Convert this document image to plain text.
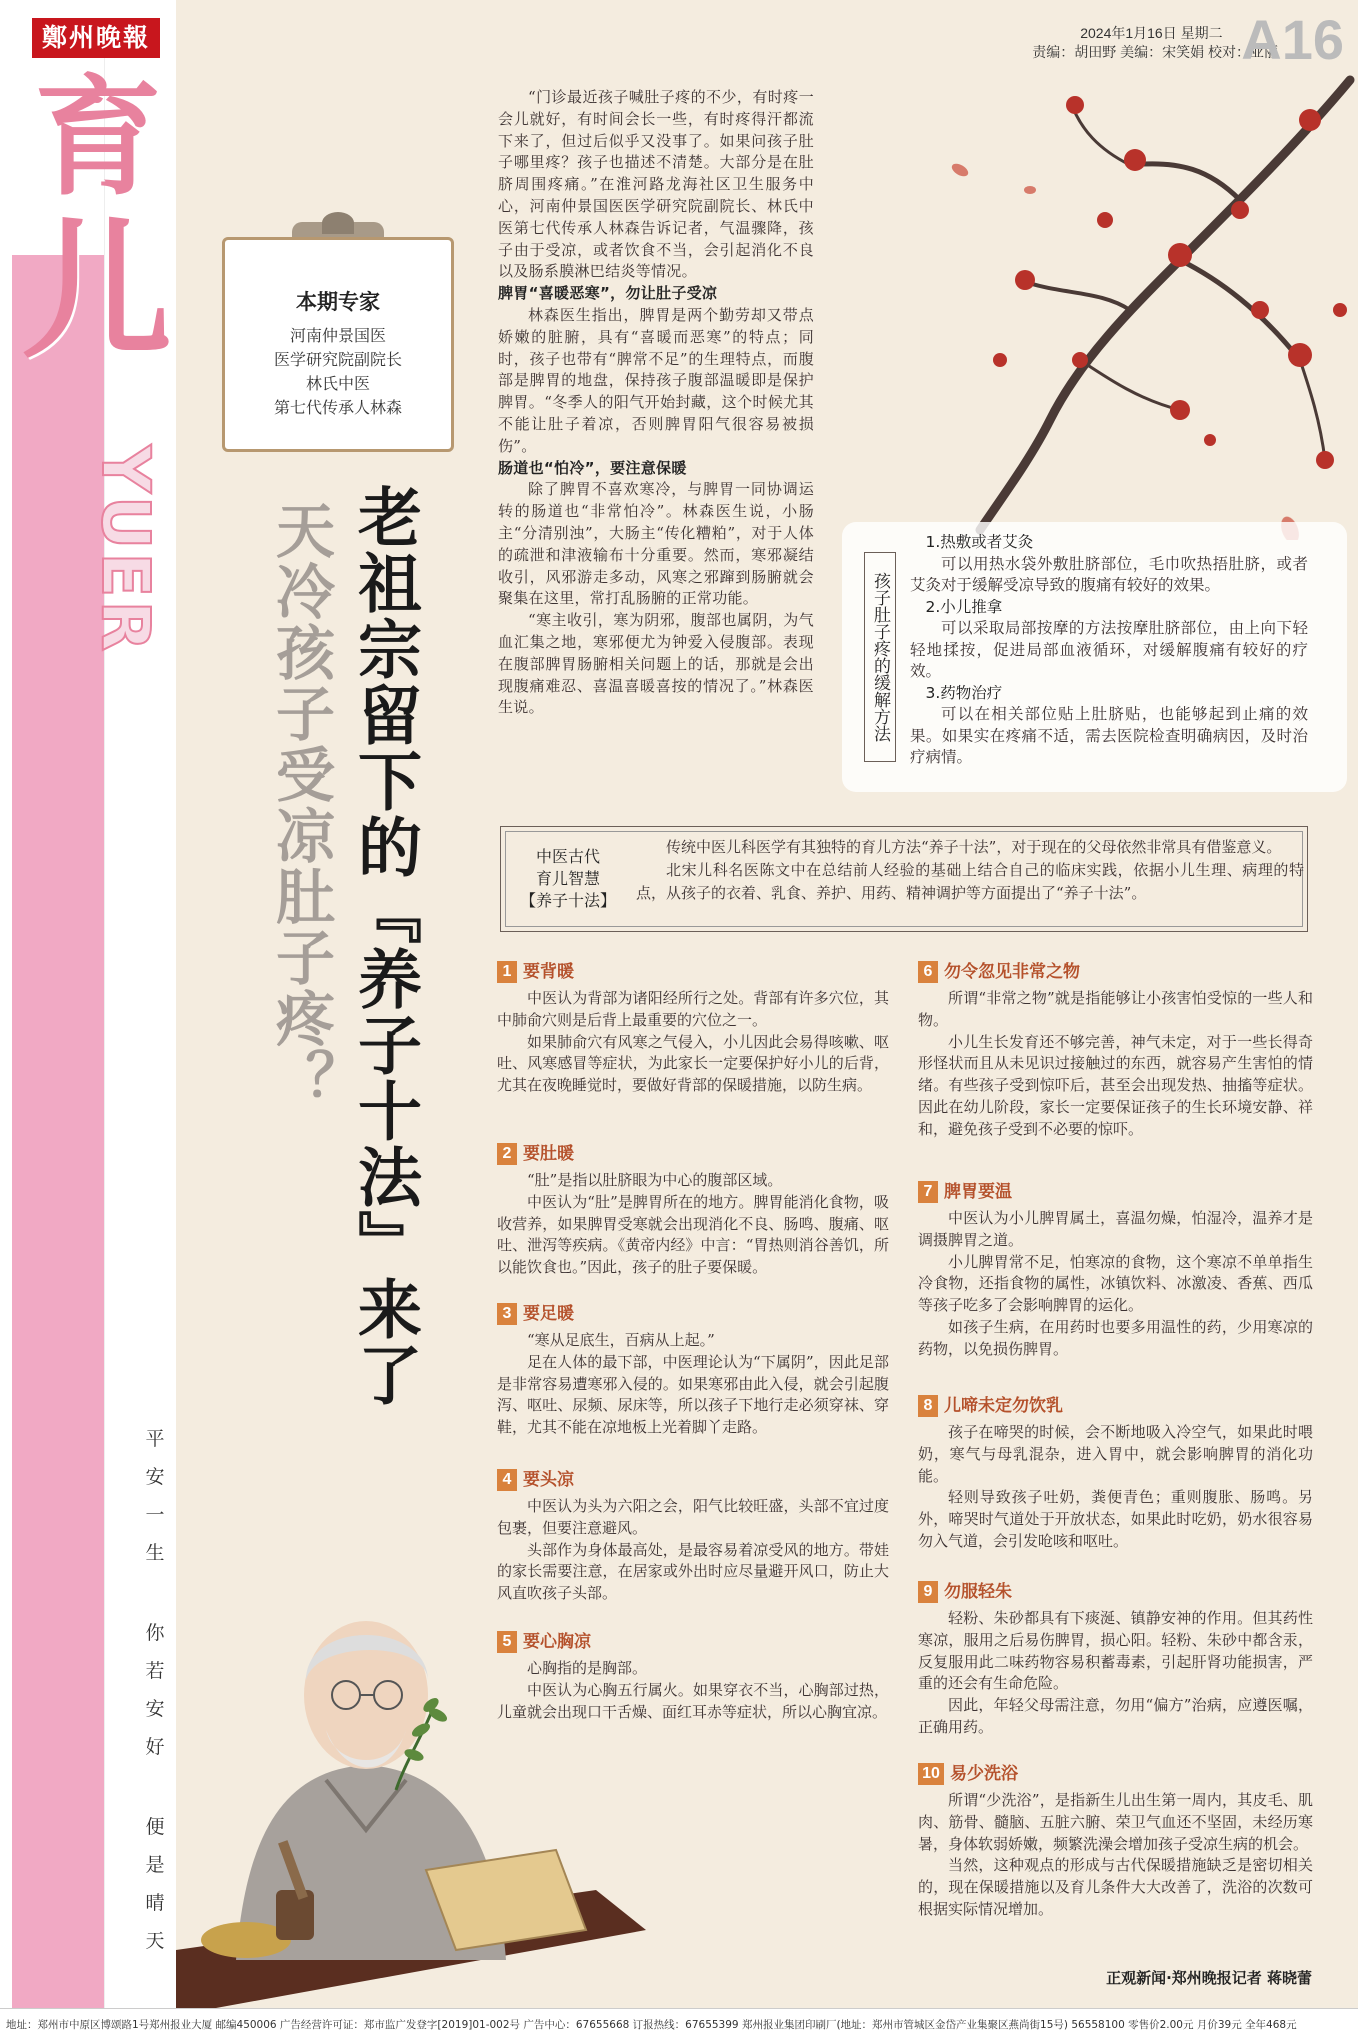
鄭州晚報
育
儿
YUER
平
安
一
生
你
若
安
好
便
是
晴
天
2024年1月16日 星期二
责编：胡田野 美编：宋笑娟 校对：亚丽
A16
本期专家
河南仲景国医
医学研究院副院长
林氏中医
第七代传承人林森
老祖宗留下的『养子十法』来了
天冷孩子受凉肚子疼？

“门诊最近孩子喊肚子疼的不少，有时疼一会儿就好，有时间会长一些，有时疼得汗都流下来了，但过后似乎又没事了。如果问孩子肚子哪里疼？孩子也描述不清楚。大部分是在肚脐周围疼痛。”在淮河路龙海社区卫生服务中心，河南仲景国医医学研究院副院长、林氏中医第七代传承人林森告诉记者，气温骤降，孩子由于受凉，或者饮食不当，会引起消化不良以及肠系膜淋巴结炎等情况。

脾胃“喜暖恶寒”，勿让肚子受凉

林森医生指出，脾胃是两个勤劳却又带点娇嫩的脏腑，具有“喜暖而恶寒”的特点；同时，孩子也带有“脾常不足”的生理特点，而腹部是脾胃的地盘，保持孩子腹部温暖即是保护脾胃。“冬季人的阳气开始封藏，这个时候尤其不能让肚子着凉，否则脾胃阳气很容易被损伤”。

肠道也“怕冷”，要注意保暖

除了脾胃不喜欢寒冷，与脾胃一同协调运转的肠道也“非常怕冷”。林森医生说，小肠主“分清别浊”，大肠主“传化糟粕”，对于人体的疏泄和津液输布十分重要。然而，寒邪凝结收引，风邪游走多动，风寒之邪蹿到肠腑就会聚集在这里，常打乱肠腑的正常功能。

“寒主收引，寒为阴邪，腹部也属阴，为气血汇集之地，寒邪便尤为钟爱入侵腹部。表现在腹部脾胃肠腑相关问题上的话，那就是会出现腹痛难忍、喜温喜暖喜按的情况了。”林森医生说。	孩子肚子疼的缓解方法

1.热敷或者艾灸

可以用热水袋外敷肚脐部位，毛巾吹热捂肚脐，或者艾灸对于缓解受凉导致的腹痛有较好的效果。

2.小儿推拿

可以采取局部按摩的方法按摩肚脐部位，由上向下轻轻地揉按，促进局部血液循环，对缓解腹痛有较好的疗效。

3.药物治疗

可以在相关部位贴上肚脐贴，也能够起到止痛的效果。如果实在疼痛不适，需去医院检查明确病因，及时治疗病情。

中医古代
育儿智慧
【养子十法】

传统中医儿科医学有其独特的育儿方法“养子十法”，对于现在的父母依然非常具有借鉴意义。

北宋儿科名医陈文中在总结前人经验的基础上结合自己的临床实践，依据小儿生理、病理的特点，从孩子的衣着、乳食、养护、用药、精神调护等方面提出了“养子十法”。

1 要背暖

中医认为背部为诸阳经所行之处。背部有许多穴位，其中肺俞穴则是后背上最重要的穴位之一。

如果肺俞穴有风寒之气侵入，小儿因此会易得咳嗽、呕吐、风寒感冒等症状，为此家长一定要保护好小儿的后背，尤其在夜晚睡觉时，要做好背部的保暖措施，以防生病。

2 要肚暖

“肚”是指以肚脐眼为中心的腹部区域。

中医认为“肚”是脾胃所在的地方。脾胃能消化食物，吸收营养，如果脾胃受寒就会出现消化不良、肠鸣、腹痛、呕吐、泄泻等疾病。《黄帝内经》中言：“胃热则消谷善饥，所以能饮食也。”因此，孩子的肚子要保暖。

3 要足暖

“寒从足底生，百病从上起。”

足在人体的最下部，中医理论认为“下属阴”，因此足部是非常容易遭寒邪入侵的。如果寒邪由此入侵，就会引起腹泻、呕吐、尿频、尿床等，所以孩子下地行走必须穿袜、穿鞋，尤其不能在凉地板上光着脚丫走路。

4 要头凉

中医认为头为六阳之会，阳气比较旺盛，头部不宜过度包裹，但要注意避风。

头部作为身体最高处，是最容易着凉受风的地方。带娃的家长需要注意，在居家或外出时应尽量避开风口，防止大风直吹孩子头部。

5 要心胸凉

心胸指的是胸部。

中医认为心胸五行属火。如果穿衣不当，心胸部过热，儿童就会出现口干舌燥、面红耳赤等症状，所以心胸宜凉。

6 勿令忽见非常之物

所谓“非常之物”就是指能够让小孩害怕受惊的一些人和物。

小儿生长发育还不够完善，神气未定，对于一些长得奇形怪状而且从未见识过接触过的东西，就容易产生害怕的情绪。有些孩子受到惊吓后，甚至会出现发热、抽搐等症状。因此在幼儿阶段，家长一定要保证孩子的生长环境安静、祥和，避免孩子受到不必要的惊吓。

7 脾胃要温

中医认为小儿脾胃属土，喜温勿燥，怕湿冷，温养才是调摄脾胃之道。

小儿脾胃常不足，怕寒凉的食物，这个寒凉不单单指生冷食物，还指食物的属性，冰镇饮料、冰激凌、香蕉、西瓜等孩子吃多了会影响脾胃的运化。

如孩子生病，在用药时也要多用温性的药，少用寒凉的药物，以免损伤脾胃。

8 儿啼未定勿饮乳

孩子在啼哭的时候，会不断地吸入冷空气，如果此时喂奶，寒气与母乳混杂，进入胃中，就会影响脾胃的消化功能。

轻则导致孩子吐奶，粪便青色；重则腹胀、肠鸣。另外，啼哭时气道处于开放状态，如果此时吃奶，奶水很容易勿入气道，会引发呛咳和呕吐。

9 勿服轻朱

轻粉、朱砂都具有下痰涎、镇静安神的作用。但其药性寒凉，服用之后易伤脾胃，损心阳。轻粉、朱砂中都含汞，反复服用此二味药物容易积蓄毒素，引起肝肾功能损害，严重的还会有生命危险。

因此，年轻父母需注意，勿用“偏方”治病，应遵医嘱，正确用药。

10 易少洗浴

所谓“少洗浴”，是指新生儿出生第一周内，其皮毛、肌肉、筋骨、髓脑、五脏六腑、荣卫气血还不坚固，未经历寒暑，身体软弱娇嫩，频繁洗澡会增加孩子受凉生病的机会。

当然，这种观点的形成与古代保暖措施缺乏是密切相关的，现在保暖措施以及育儿条件大大改善了，洗浴的次数可根据实际情况增加。

正观新闻·郑州晚报记者 蒋晓蕾
地址：郑州市中原区博颂路1号郑州报业大厦 邮编450006 广告经营许可证：郑市监广发登字[2019]01-002号 广告中心：67655668 订报热线：67655399 郑州报业集团印刷厂(地址：郑州市管城区金岱产业集聚区燕尚街15号) 56558100 零售价2.00元 月价39元 全年468元
